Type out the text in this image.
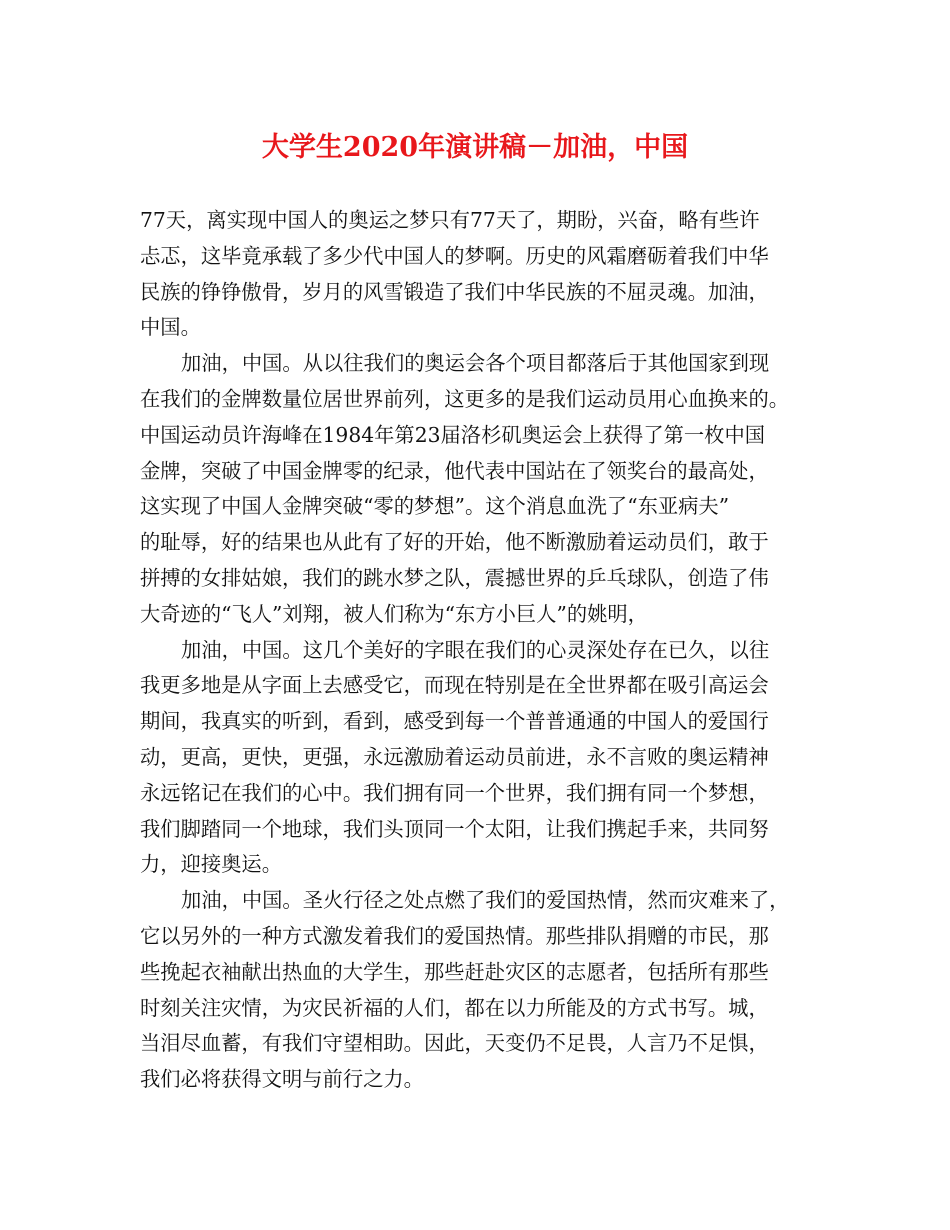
大学生2020年演讲稿－加油，中国
77天，离实现中国人的奥运之梦只有77天了，期盼，兴奋，略有些许
忐忑，这毕竟承载了多少代中国人的梦啊。历史的风霜磨砺着我们中华
民族的铮铮傲骨，岁月的风雪锻造了我们中华民族的不屈灵魂。加油，
中国。
加油，中国。从以往我们的奥运会各个项目都落后于其他国家到现
在我们的金牌数量位居世界前列，这更多的是我们运动员用心血换来的。
中国运动员许海峰在1984年第23届洛杉矶奥运会上获得了第一枚中国
金牌，突破了中国金牌零的纪录，他代表中国站在了领奖台的最高处，
这实现了中国人金牌突破“零的梦想”。这个消息血洗了“东亚病夫”
的耻辱，好的结果也从此有了好的开始，他不断激励着运动员们，敢于
拼搏的女排姑娘，我们的跳水梦之队，震撼世界的乒乓球队，创造了伟
大奇迹的“飞人”刘翔，被人们称为“东方小巨人”的姚明，
加油，中国。这几个美好的字眼在我们的心灵深处存在已久，以往
我更多地是从字面上去感受它，而现在特别是在全世界都在吸引高运会
期间，我真实的听到，看到，感受到每一个普普通通的中国人的爱国行
动，更高，更快，更强，永远激励着运动员前进，永不言败的奥运精神
永远铭记在我们的心中。我们拥有同一个世界，我们拥有同一个梦想，
我们脚踏同一个地球，我们头顶同一个太阳，让我们携起手来，共同努
力，迎接奥运。
加油，中国。圣火行径之处点燃了我们的爱国热情，然而灾难来了，
它以另外的一种方式激发着我们的爱国热情。那些排队捐赠的市民，那
些挽起衣袖献出热血的大学生，那些赶赴灾区的志愿者，包括所有那些
时刻关注灾情，为灾民祈福的人们，都在以力所能及的方式书写。城，
当泪尽血蓄，有我们守望相助。因此，天变仍不足畏，人言乃不足惧，
我们必将获得文明与前行之力。
